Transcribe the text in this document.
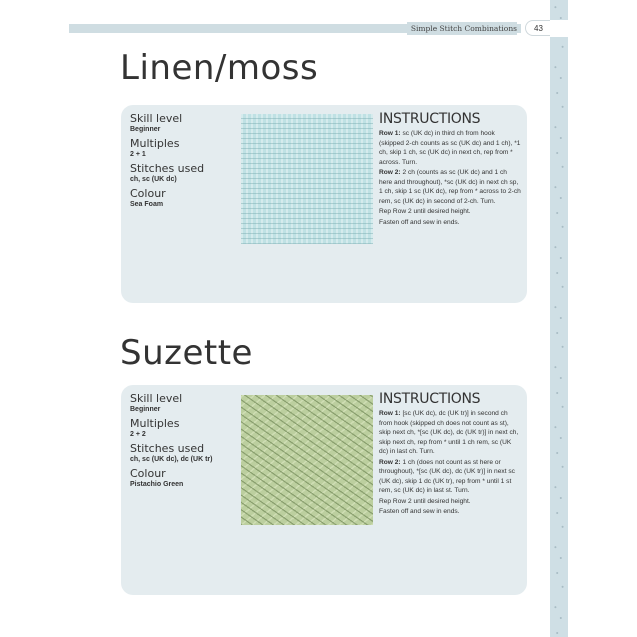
Simple Stitch Combinations	43
Linen/moss
Skill level
Beginner
Multiples
2 + 1
Stitches used
ch, sc (UK dc)
Colour
Sea Foam
INSTRUCTIONS

Row 1: sc (UK dc) in third ch from hook (skipped 2-ch counts as sc (UK dc) and 1 ch), *1 ch, skip 1 ch, sc (UK dc) in next ch, rep from * across. Turn.

Row 2: 2 ch (counts as sc (UK dc) and 1 ch here and throughout), *sc (UK dc) in next ch sp, 1 ch, skip 1 sc (UK dc), rep from * across to 2-ch rem, sc (UK dc) in second of 2-ch. Turn.

Rep Row 2 until desired height.

Fasten off and sew in ends.

Suzette
Skill level
Beginner
Multiples
2 + 2
Stitches used
ch, sc (UK dc), dc (UK tr)
Colour
Pistachio Green
INSTRUCTIONS

Row 1: [sc (UK dc), dc (UK tr)] in second ch from hook (skipped ch does not count as st), skip next ch, *[sc (UK dc), dc (UK tr)] in next ch, skip next ch, rep from * until 1 ch rem, sc (UK dc) in last ch. Turn.

Row 2: 1 ch (does not count as st here or throughout), *[sc (UK dc), dc (UK tr)] in next sc (UK dc), skip 1 dc (UK tr), rep from * until 1 st rem, sc (UK dc) in last st. Turn.

Rep Row 2 until desired height.

Fasten off and sew in ends.
